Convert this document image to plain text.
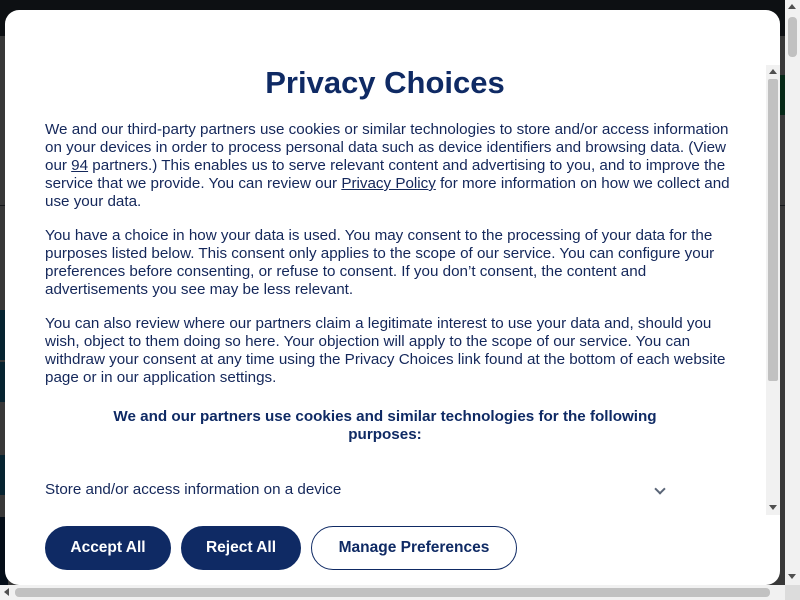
Privacy Choices

We and our third-party partners use cookies or similar technologies to store and/or access information on your devices in order to process personal data such as device identifiers and browsing data. (View our 94 partners.) This enables us to serve relevant content and advertising to you, and to improve the service that we provide. You can review our Privacy Policy for more information on how we collect and use your data.

You have a choice in how your data is used. You may consent to the processing of your data for the purposes listed below. This consent only applies to the scope of our service. You can configure your preferences before consenting, or refuse to consent. If you don’t consent, the content and advertisements you see may be less relevant.

You can also review where our partners claim a legitimate interest to use your data and, should you wish, object to them doing so here. Your objection will apply to the scope of our service. You can withdraw your consent at any time using the Privacy Choices link found at the bottom of each website page or in our application settings.

We and our partners use cookies and similar technologies for the following purposes:
Store and/or access information on a device
Accept All	Reject All	Manage Preferences
